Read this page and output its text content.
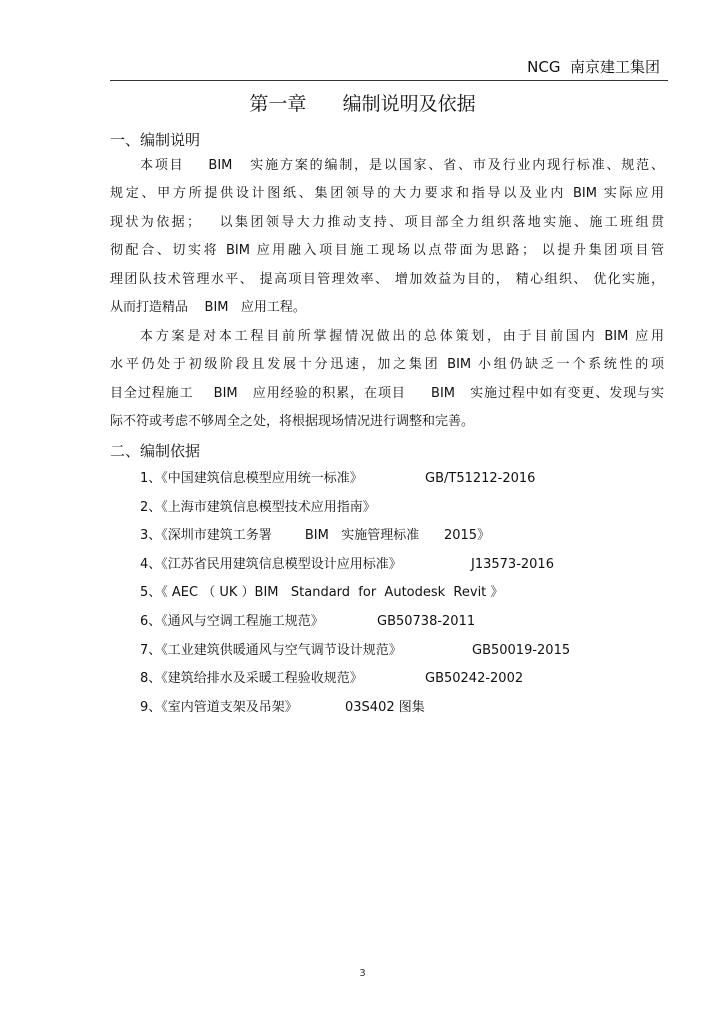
NCG  南京建工集团
第一章      编制说明及依据
一、编制说明
本项目    BIM   实施方案的编制，是以国家、省、市及行业内现行标准、规范、
规定、甲方所提供设计图纸、集团领导的大力要求和指导以及业内 BIM 实际应用
现状为依据；   以集团领导大力推动支持、项目部全力组织落地实施、施工班组贯
彻配合、切实将 BIM 应用融入项目施工现场以点带面为思路； 以提升集团项目管
理团队技术管理水平、 提高项目管理效率、 增加效益为目的， 精心组织、 优化实施，
从而打造精品    BIM   应用工程。
本方案是对本工程目前所掌握情况做出的总体策划，由于目前国内 BIM 应用
水平仍处于初级阶段且发展十分迅速，加之集团 BIM 小组仍缺乏一个系统性的项
目全过程施工    BIM   应用经验的积累，在项目     BIM   实施过程中如有变更、发现与实
际不符或考虑不够周全之处，将根据现场情况进行调整和完善。
二、编制依据
1、《中国建筑信息模型应用统一标准》	GB/T51212-2016
2、《上海市建筑信息模型技术应用指南》
3、《深圳市建筑工务署        BIM   实施管理标准      2015》
4、《江苏省民用建筑信息模型设计应用标准》	J13573-2016
5、《 AEC （ UK ）BIM   Standard  for  Autodesk  Revit 》
6、《通风与空调工程施工规范》	GB50738-2011
7、《工业建筑供暖通风与空气调节设计规范》	GB50019-2015
8、《建筑给排水及采暖工程验收规范》	GB50242-2002
9、《室内管道支架及吊架》	03S402 图集
3
